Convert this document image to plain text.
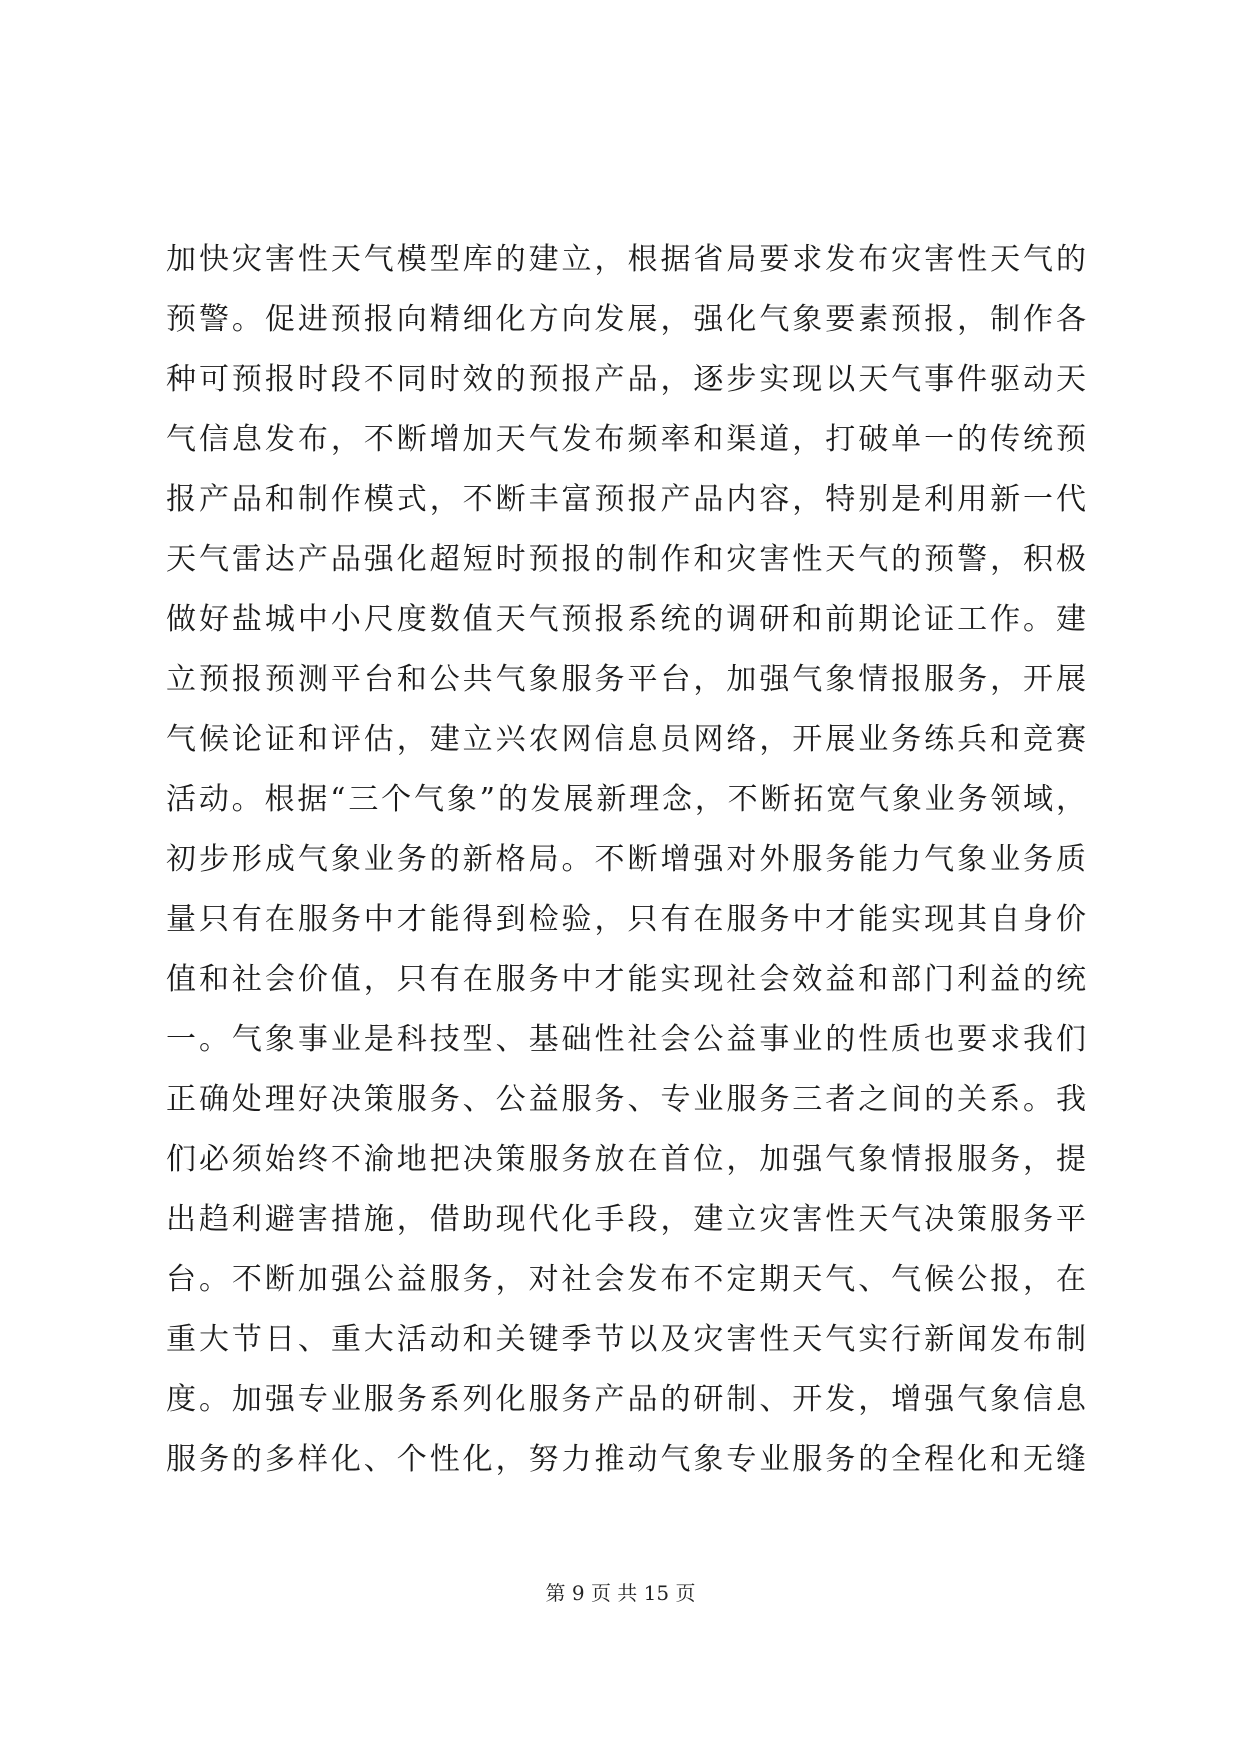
加快灾害性天气模型库的建立，根据省局要求发布灾害性天气的
预警。促进预报向精细化方向发展，强化气象要素预报，制作各
种可预报时段不同时效的预报产品，逐步实现以天气事件驱动天
气信息发布，不断增加天气发布频率和渠道，打破单一的传统预
报产品和制作模式，不断丰富预报产品内容，特别是利用新一代
天气雷达产品强化超短时预报的制作和灾害性天气的预警，积极
做好盐城中小尺度数值天气预报系统的调研和前期论证工作。建
立预报预测平台和公共气象服务平台，加强气象情报服务，开展
气候论证和评估，建立兴农网信息员网络，开展业务练兵和竞赛
活动。根据“三个气象”的发展新理念，不断拓宽气象业务领域，
初步形成气象业务的新格局。不断增强对外服务能力气象业务质
量只有在服务中才能得到检验，只有在服务中才能实现其自身价
值和社会价值，只有在服务中才能实现社会效益和部门利益的统
一。气象事业是科技型、基础性社会公益事业的性质也要求我们
正确处理好决策服务、公益服务、专业服务三者之间的关系。我
们必须始终不渝地把决策服务放在首位，加强气象情报服务，提
出趋利避害措施，借助现代化手段，建立灾害性天气决策服务平
台。不断加强公益服务，对社会发布不定期天气、气候公报，在
重大节日、重大活动和关键季节以及灾害性天气实行新闻发布制
度。加强专业服务系列化服务产品的研制、开发，增强气象信息
服务的多样化、个性化，努力推动气象专业服务的全程化和无缝
第 9 页 共 15 页
